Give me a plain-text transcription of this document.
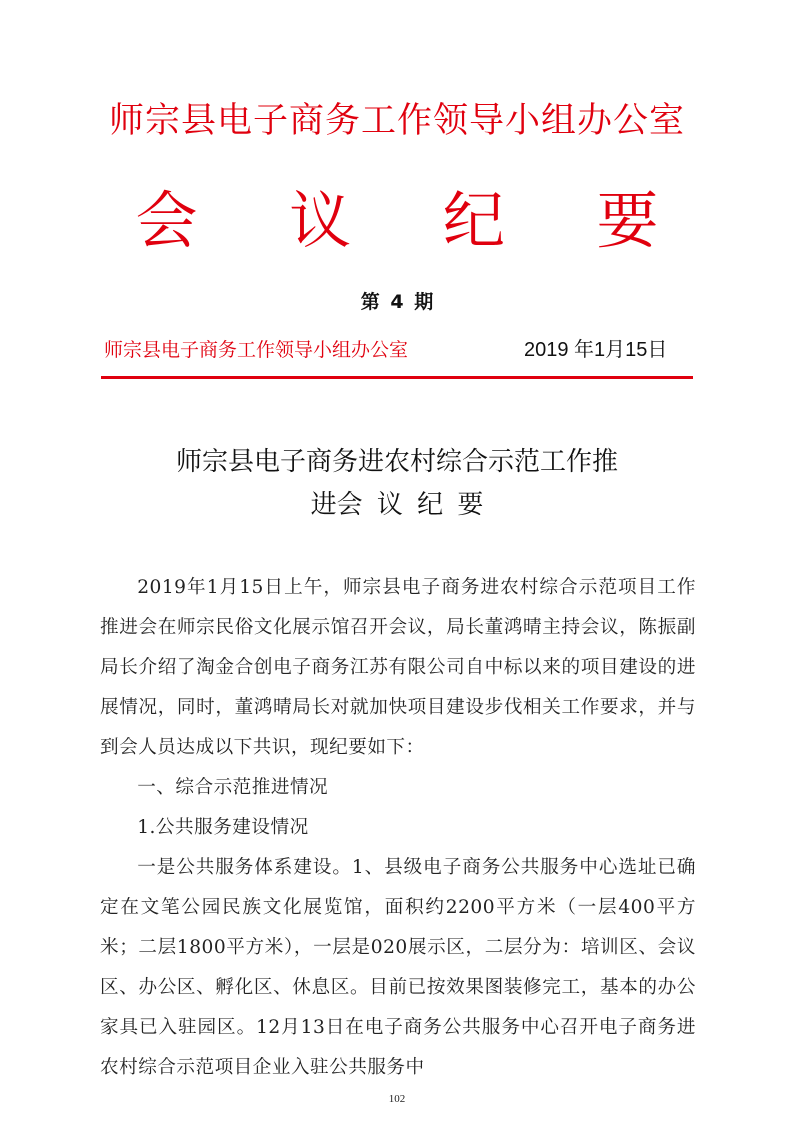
师宗县电子商务工作领导小组办公室
会 议 纪 要
第 4 期
师宗县电子商务工作领导小组办公室	2019 年1月15日
师宗县电子商务进农村综合示范工作推
进会 议 纪 要

2019年1月15日上午，师宗县电子商务进农村综合示范项目工作推进会在师宗民俗文化展示馆召开会议，局长董鸿晴主持会议，陈振副局长介绍了淘金合创电子商务江苏有限公司自中标以来的项目建设的进展情况，同时，董鸿晴局长对就加快项目建设步伐相关工作要求，并与到会人员达成以下共识，现纪要如下：

一、综合示范推进情况

1.公共服务建设情况

一是公共服务体系建设。1、县级电子商务公共服务中心选址已确定在文笔公园民族文化展览馆，面积约2200平方米（一层400平方米；二层1800平方米），一层是020展示区，二层分为：培训区、会议区、办公区、孵化区、休息区。目前已按效果图装修完工，基本的办公家具已入驻园区。12月13日在电子商务公共服务中心召开电子商务进农村综合示范项目企业入驻公共服务中

102
